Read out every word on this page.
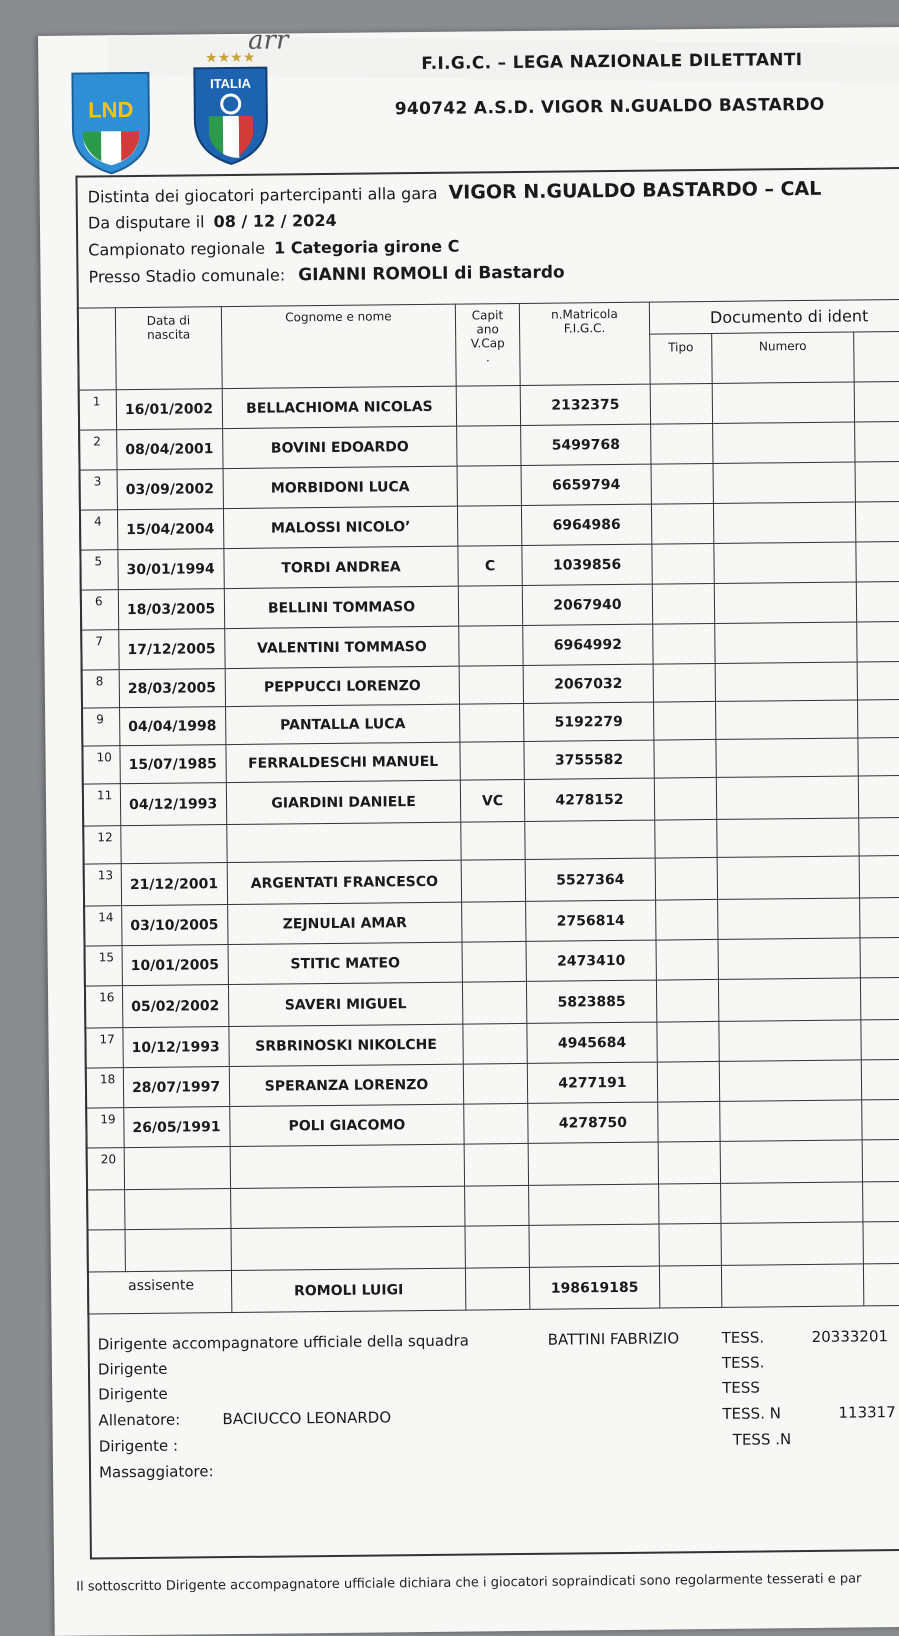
arr
LND
★★★★
ITALIA
F.I.G.C. – LEGA NAZIONALE DILETTANTI
940742 A.S.D. VIGOR N.GUALDO BASTARDO
Distinta dei giocatori partercipanti alla gara VIGOR N.GUALDO BASTARDO – CAL
Da disputare il 08 / 12 / 2024
Campionato regionale 1 Categoria girone C
Presso Stadio comunale: GIANNI ROMOLI di Bastardo
	Data di nascita	Cognome e nome	Capit ano V.Cap
.	n.Matricola F.I.G.C.	Documento di ident		
					Tipo	Numero	
1	16/01/2002	BELLACHIOMA NICOLAS		2132375			
2	08/04/2001	BOVINI EDOARDO		5499768			
3	03/09/2002	MORBIDONI LUCA		6659794			
4	15/04/2004	MALOSSI NICOLO’		6964986			
5	30/01/1994	TORDI ANDREA	C	1039856			
6	18/03/2005	BELLINI TOMMASO		2067940			
7	17/12/2005	VALENTINI TOMMASO		6964992			
8	28/03/2005	PEPPUCCI LORENZO		2067032			
9	04/04/1998	PANTALLA LUCA		5192279			
10	15/07/1985	FERRALDESCHI MANUEL		3755582			
11	04/12/1993	GIARDINI DANIELE	VC	4278152			
12							
13	21/12/2001	ARGENTATI FRANCESCO		5527364			
14	03/10/2005	ZEJNULAI AMAR		2756814			
15	10/01/2005	STITIC MATEO		2473410			
16	05/02/2002	SAVERI MIGUEL		5823885			
17	10/12/1993	SRBRINOSKI NIKOLCHE		4945684			
18	28/07/1997	SPERANZA LORENZO		4277191			
19	26/05/1991	POLI GIACOMO		4278750			
20							

assisente		ROMOLI LUIGI		198619185			
Dirigente accompagnatore ufficiale della squadra	BATTINI FABRIZIO	TESS.	20333201
Dirigente	TESS.
Dirigente	TESS
Allenatore:	BACIUCCO LEONARDO	TESS. N	113317
Dirigente :	TESS .N
Massaggiatore:
Il sottoscritto Dirigente accompagnatore ufficiale dichiara che i giocatori sopraindicati sono regolarmente tesserati e par
